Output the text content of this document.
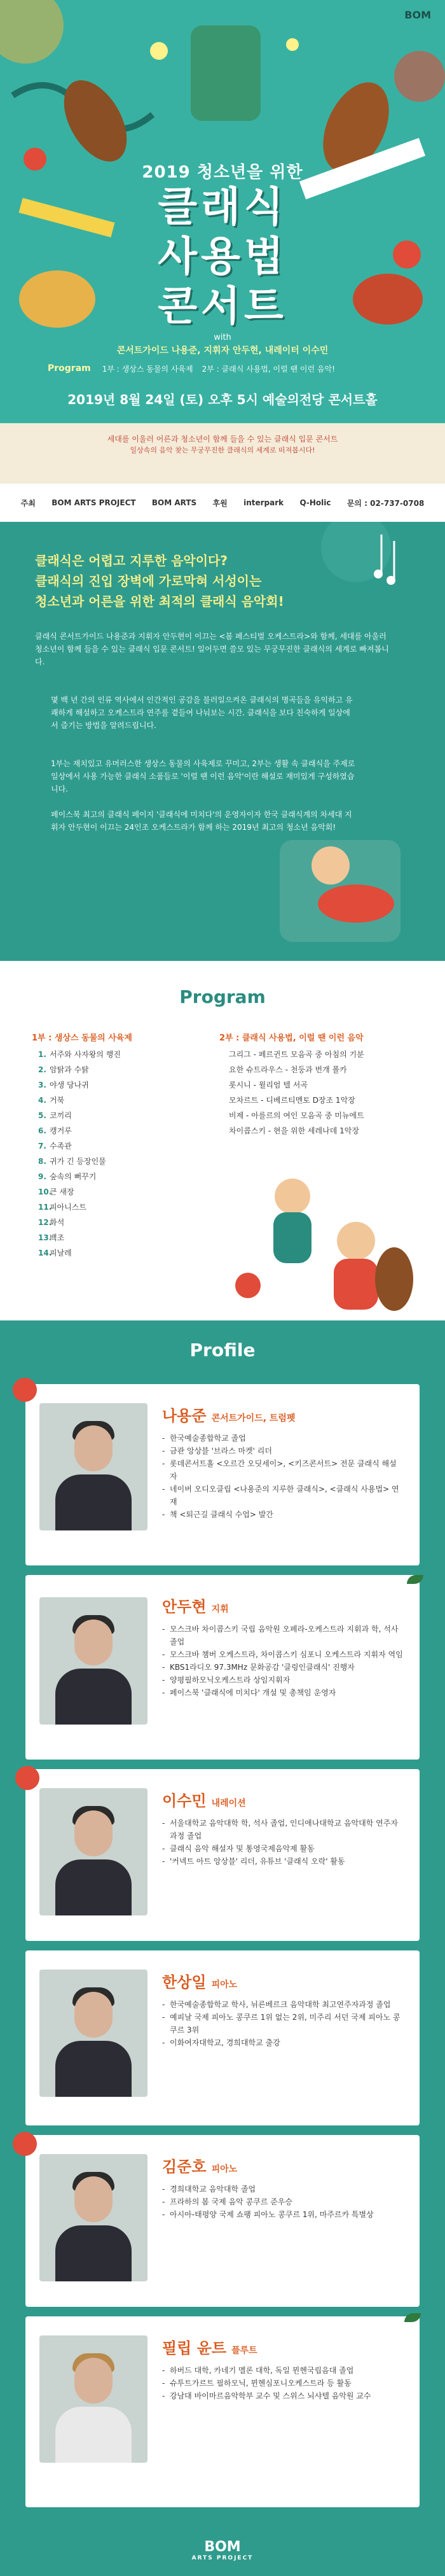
BOM
2019 청소년을 위한
클래식
사용법
콘서트
with
콘서트가이드 나용준, 지휘자 안두현, 내레이터 이수민
Program 1부 : 생상스 동물의 사육제 2부 : 클래식 사용법, 이럴 땐 이런 음악!
2019년 8월 24일 (토) 오후 5시 예술의전당 콘서트홀
세대를 이울러 어른과 청소년이 함께 들을 수 있는 클래식 입문 콘서트
일상속의 음악 찾는 무궁무진한 클래식의 세계로 떠져봅시다!
주최 BOM ARTS PROJECT BOM ARTS 후원 interpark Q-Holic 문의 : 02-737-0708
클래식은 어렵고 지루한 음악이다?
클래식의 진입 장벽에 가로막혀 서성이는
청소년과 어른을 위한 최적의 클래식 음악회!
클래식 콘서트가이드 나용준과 지휘자 안두현이 이끄는 <봄 페스티벌 오케스트라>와 함께, 세대를 아울러 청소년이 함께 들을 수 있는 클래식 입문 콘서트! 일어두면 쓸모 있는 무궁무진한 클래식의 세계로 빠져봅니다.
몇 백 년 간의 인류 역사에서 인간적인 공감을 불러일으켜온 클래식의 명곡들을 유익하고 유쾌하게 해설하고 오케스트라 연주를 곁들여 나눠보는 시간. 클래식을 보다 친숙하게 일상에서 즐기는 방법을 알려드립니다.
1부는 재치있고 유머러스한 생상스 동물의 사육제로 꾸미고, 2부는 생활 속 클래식을 주제로 일상에서 사용 가능한 클래식 소품들로 '이럴 땐 이런 음악'이란 해설로 재미있게 구성하였습니다.
페이스북 최고의 클래식 페이지 '클래식에 미치다'의 운영자이자 한국 클래식계의 차세대 지휘자 안두현이 이끄는 24인조 오케스트라가 함께 하는 2019년 최고의 청소년 음악회!
Program
1부 : 생상스 동물의 사육제
1. 서주와 사자왕의 행진
2. 암탉과 수탉
3. 야생 당나귀
4. 거북
5. 코끼리
6. 캥거루
7. 수족관
8. 귀가 긴 등장인물
9. 숲속의 뻐꾸기
10.
큰 새장
11.
피아니스트
12.
화석
13.
백조
14.
피날레
2부 : 클래식 사용법, 이럴 땐 이런 음악
그리그 - 페르귄트 모음곡 중 아침의 기분
요한 슈트라우스 - 천둥과 번개 폴카
롯시니 - 윌리엄 텔 서곡
모차르트 - 디베르티멘토 D장조 1악장
비제 - 아를르의 여인 모음곡 중 미뉴에트
차이콥스키 - 현을 위한 세레나데 1악장
Profile
나용준 콘서트가이드, 트럼펫
- 한국예술종합학교 졸업
- 금관 앙상블 '브라스 마켓' 리더
- 롯데콘서트홀 <오르간 오딧세이>, <키즈콘서트> 전문 클래식 해설자
- 네이버 오디오클립 <나용준의 지루한 클래식>, <클래식 사용법> 연재
- 책 <퇴근길 클래식 수업> 발간
안두현 지휘
- 모스크바 차이콥스키 국립 음악원 오페라-오케스트라 지휘과 학, 석사 졸업
- 모스크바 챔버 오케스트라, 차이콥스키 심포니 오케스트라 지휘자 역임
- KBS1라디오 97.3MHz 문화공감 '클링인클래식' 진행자
- 양평필하모닉오케스트라 상임지휘자
- 페이스북 '클래식에 미치다' 개설 및 총책임 운영자
이수민 내레이션
- 서울대학교 음악대학 학, 석사 졸업, 인디애나대학교 음악대학 연주자과정 졸업
- 클래식 음악 해설자 및 통영국제음악제 활동
- '커넥트 아트 앙상블' 리더, 유튜브 '클래식 오락' 활동
한상일 피아노
- 한국예술종합학교 학사, 뉘른베르크 음악대학 최고연주자과정 졸업
- 예피날 국제 피아노 콩쿠르 1위 없는 2위, 미주리 서던 국제 피아노 콩쿠르 3위
- 이화여자대학교, 경희대학교 출강
김준호 피아노
- 경희대학교 음악대학 졸업
- 프라하의 봄 국제 음악 콩쿠르 준우승
- 아시아-태평양 국제 쇼팽 피아노 콩쿠르 1위, 마주르카 특별상
필립 윤트 플루트
- 하버드 대학, 카네기 멜론 대학, 독일 뮌헨국립음대 졸업
- 슈투트가르트 필하모닉, 뮌헨심포니오케스트라 등 활동
- 강남대 바이마르음악학부 교수 및 스위스 뇌샤텔 음악원 교수
BOM
ARTS PROJECT
